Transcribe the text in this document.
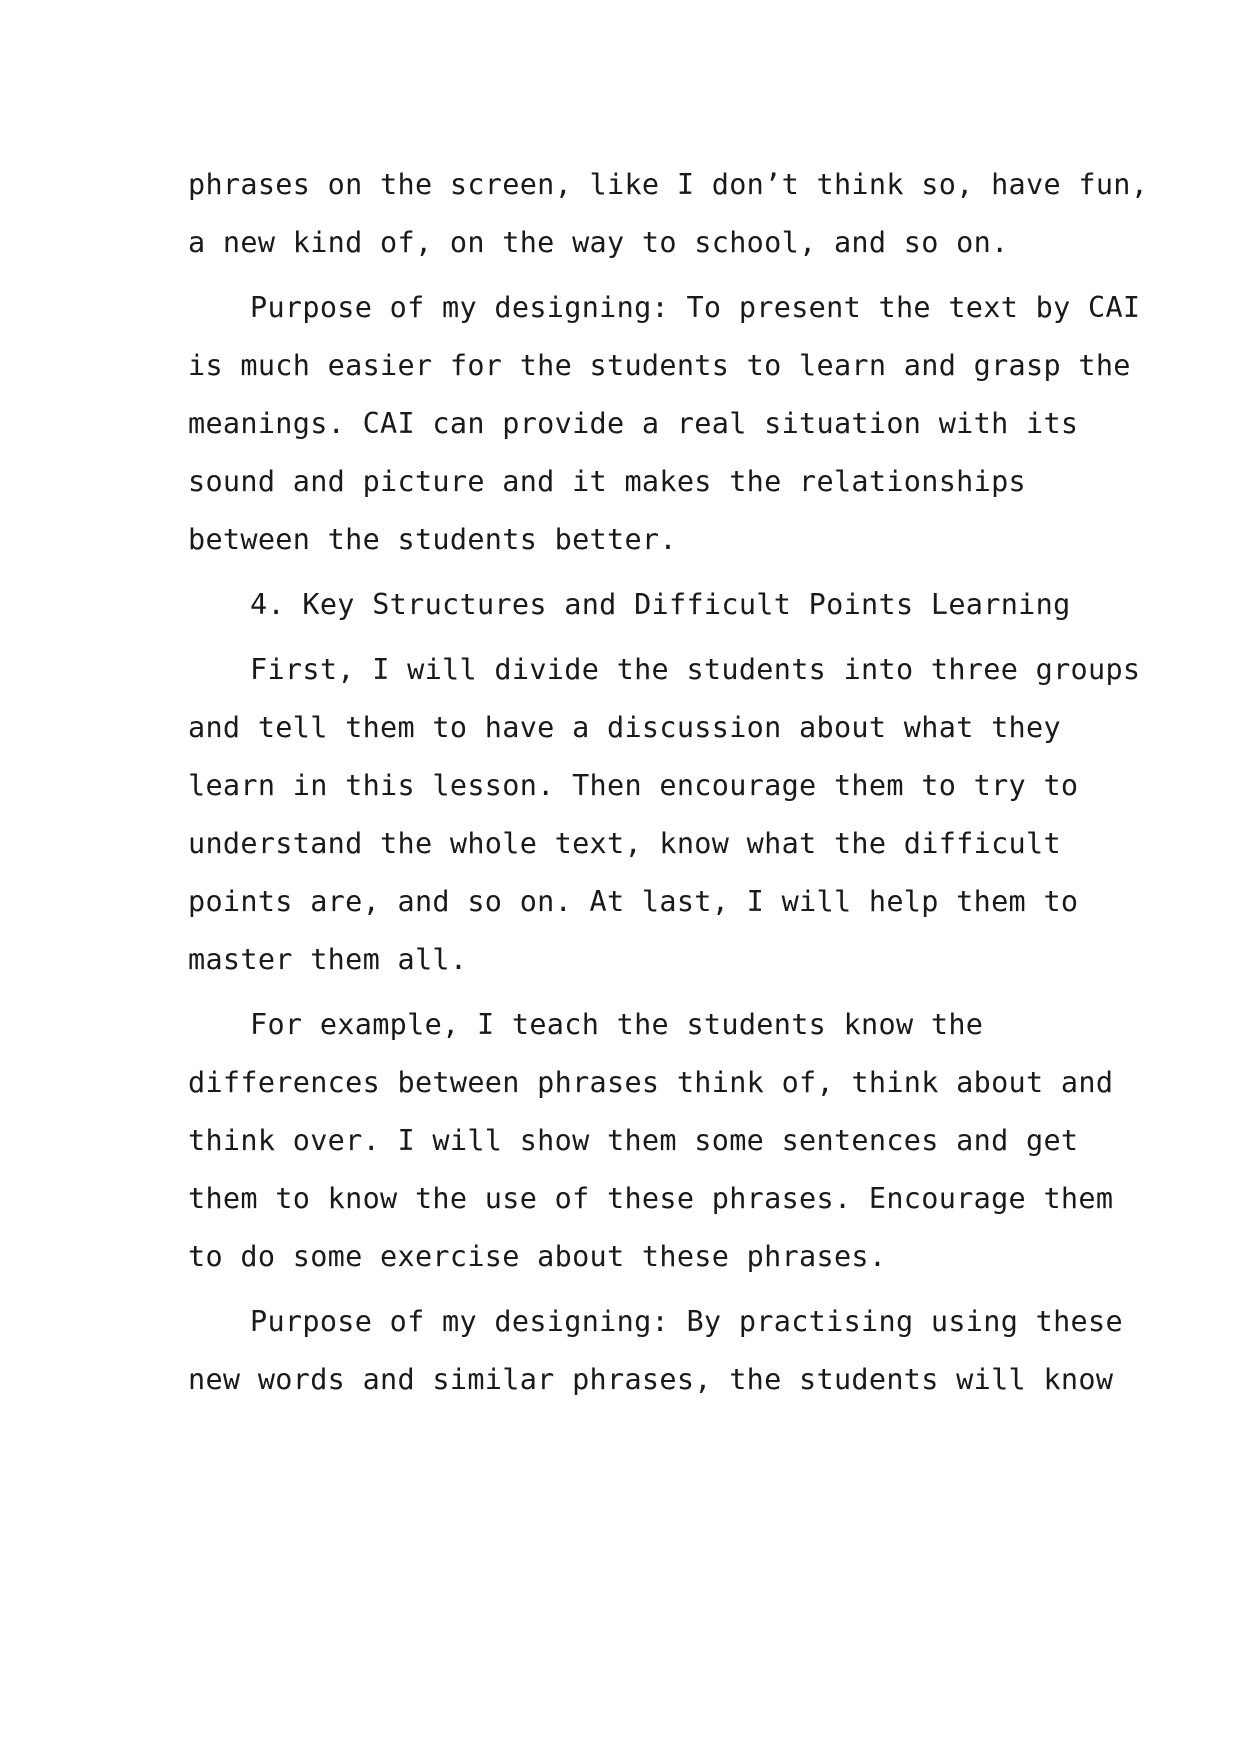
phrases on the screen, like I don’t think so, have fun,
a new kind of, on the way to school, and so on.
Purpose of my designing: To present the text by CAI
is much easier for the students to learn and grasp the
meanings. CAI can provide a real situation with its
sound and picture and it makes the relationships
between the students better.
4. Key Structures and Difficult Points Learning
First, I will divide the students into three groups
and tell them to have a discussion about what they
learn in this lesson. Then encourage them to try to
understand the whole text, know what the difficult
points are, and so on. At last, I will help them to
master them all.
For example, I teach the students know the
differences between phrases think of, think about and
think over. I will show them some sentences and get
them to know the use of these phrases. Encourage them
to do some exercise about these phrases.
Purpose of my designing: By practising using these
new words and similar phrases, the students will know
